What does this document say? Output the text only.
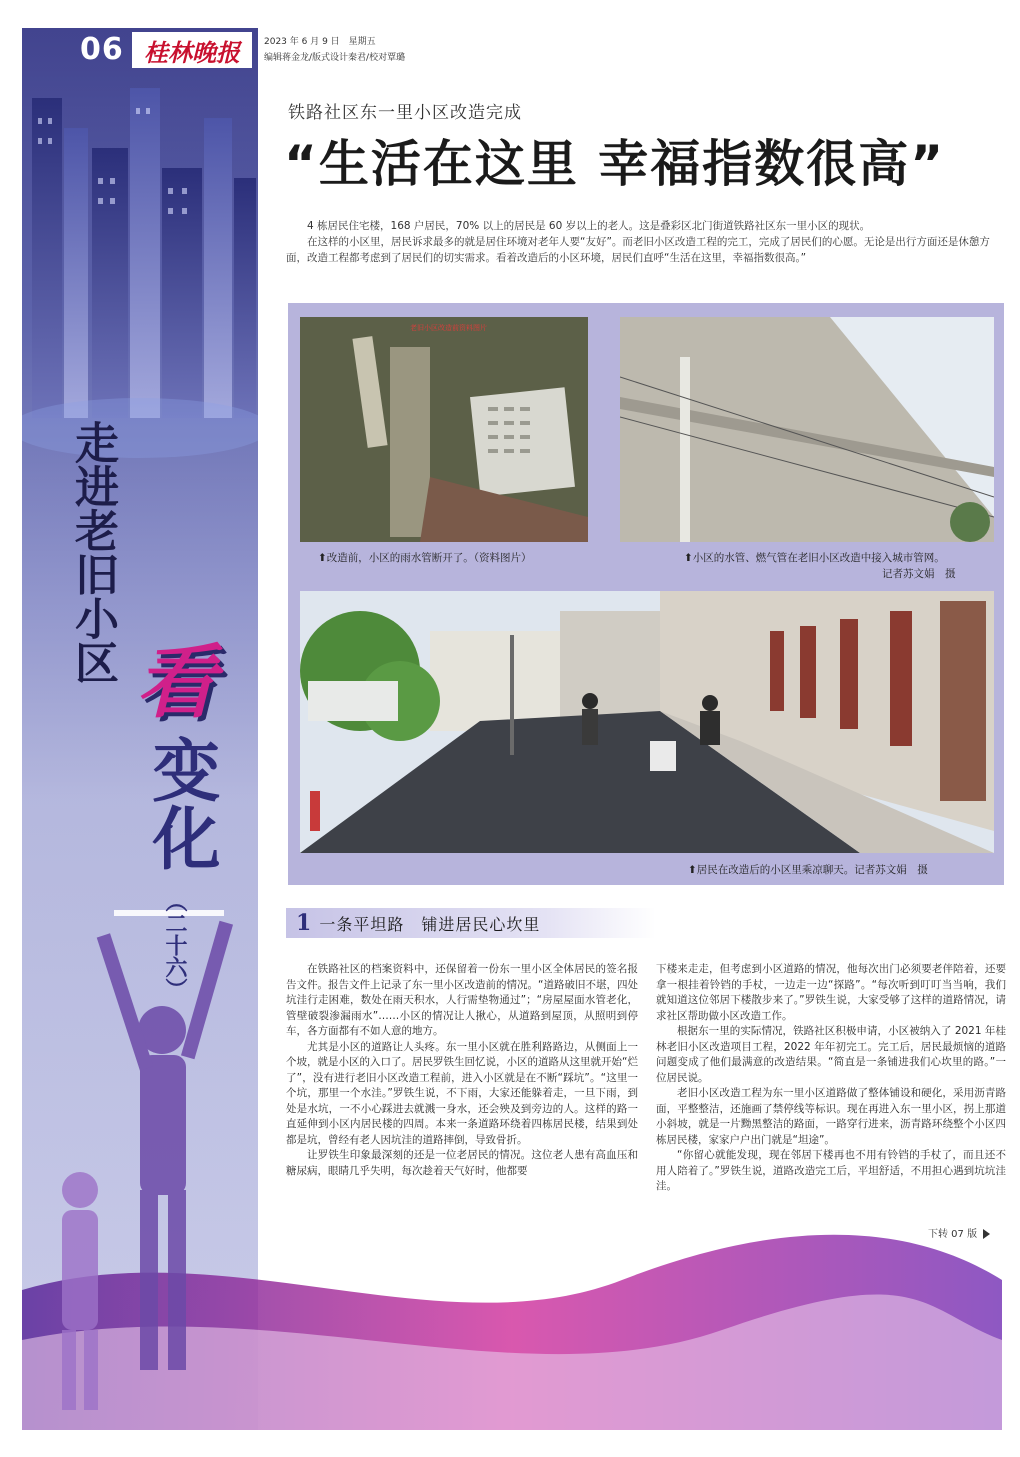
06 桂林晚报	2023 年 6 月 9 日　星期五
编辑蒋金龙/版式设计秦君/校对覃璐
走进老旧小区 看
变化
（二十六）
铁路社区东一里小区改造完成
“生活在这里 幸福指数很高”

4 栋居民住宅楼，168 户居民，70% 以上的居民是 60 岁以上的老人。这是叠彩区北门街道铁路社区东一里小区的现状。

在这样的小区里，居民诉求最多的就是居住环境对老年人要“友好”。而老旧小区改造工程的完工，完成了居民们的心愿。无论是出行方面还是休憩方面，改造工程都考虑到了居民们的切实需求。看着改造后的小区环境，居民们直呼“生活在这里，幸福指数很高。”

老旧小区改造前资料图片
⬆改造前，小区的雨水管断开了。（资料图片）	⬆小区的水管、燃气管在老旧小区改造中接入城市管网。
记者苏文娟　摄
⬆居民在改造后的小区里乘凉聊天。记者苏文娟　摄
1 一条平坦路　铺进居民心坎里

在铁路社区的档案资料中，还保留着一份东一里小区全体居民的签名报告文件。报告文件上记录了东一里小区改造前的情况。“道路破旧不堪，四处坑洼行走困难，数处在雨天积水，人行需垫物通过”；“房屋屋面水管老化，管壁破裂渗漏雨水”……小区的情况让人揪心，从道路到屋顶，从照明到停车，各方面都有不如人意的地方。

尤其是小区的道路让人头疼。东一里小区就在胜利路路边，从侧面上一个坡，就是小区的入口了。居民罗铁生回忆说，小区的道路从这里就开始“烂了”，没有进行老旧小区改造工程前，进入小区就是在不断“踩坑”。“这里一个坑，那里一个水洼。”罗铁生说，不下雨，大家还能躲着走，一旦下雨，到处是水坑，一不小心踩进去就溅一身水，还会殃及到旁边的人。这样的路一直延伸到小区内居民楼的四周。本来一条道路环绕着四栋居民楼，结果到处都是坑，曾经有老人因坑洼的道路摔倒，导致骨折。

让罗铁生印象最深刻的还是一位老居民的情况。这位老人患有高血压和糖尿病，眼睛几乎失明，每次趁着天气好时，他都要

下楼来走走，但考虑到小区道路的情况，他每次出门必须要老伴陪着，还要拿一根挂着铃铛的手杖，一边走一边“探路”。“每次听到叮叮当当响，我们就知道这位邻居下楼散步来了。”罗铁生说，大家受够了这样的道路情况，请求社区帮助做小区改造工作。

根据东一里的实际情况，铁路社区积极申请，小区被纳入了 2021 年桂林老旧小区改造项目工程，2022 年年初完工。完工后，居民最烦恼的道路问题变成了他们最满意的改造结果。“简直是一条铺进我们心坎里的路。”一位居民说。

老旧小区改造工程为东一里小区道路做了整体铺设和硬化，采用沥青路面，平整整洁，还施画了禁停线等标识。现在再进入东一里小区，拐上那道小斜坡，就是一片黝黑整洁的路面，一路穿行进来，沥青路环绕整个小区四栋居民楼，家家户户出门就是“坦途”。

“你留心就能发现，现在邻居下楼再也不用有铃铛的手杖了，而且还不用人陪着了。”罗铁生说，道路改造完工后，平坦舒适，不用担心遇到坑坑洼洼。

下转 07 版
